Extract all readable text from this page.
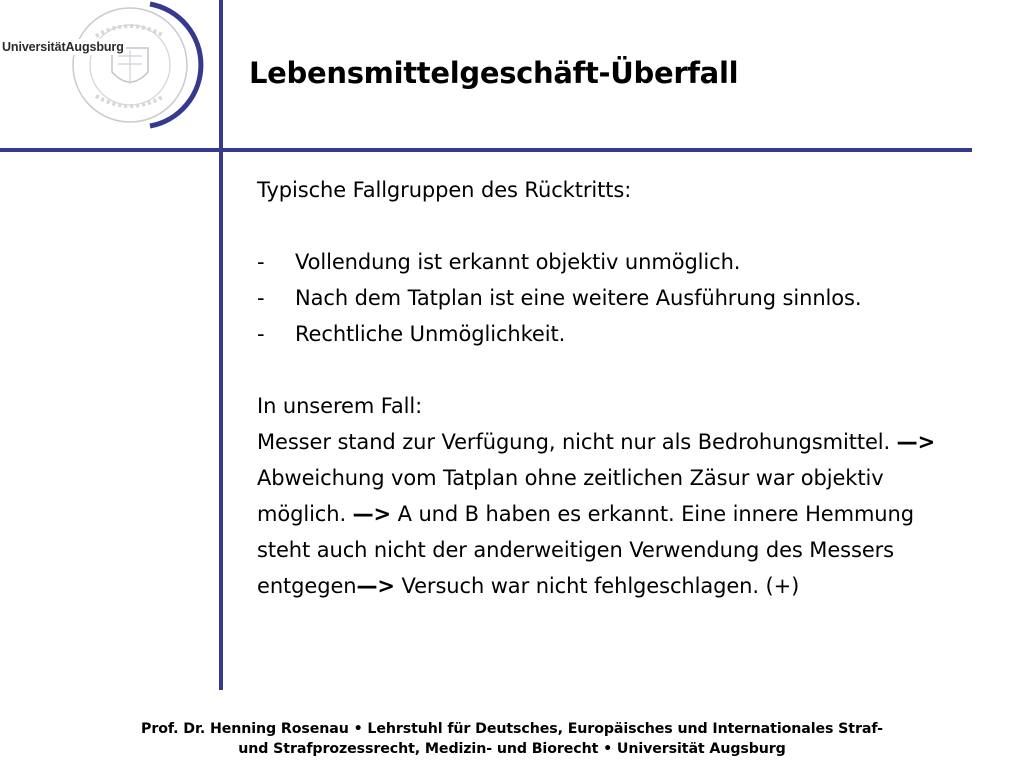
UniversitätAugsburg
Lebensmittelgeschäft-Überfall

Typische Fallgruppen des Rücktritts:

-	Vollendung ist erkannt objektiv unmöglich.
-	Nach dem Tatplan ist eine weitere Ausführung sinnlos.
-	Rechtliche Unmöglichkeit.

In unserem Fall:

Messer stand zur Verfügung, nicht nur als Bedrohungsmittel. —> Abweichung vom Tatplan ohne zeitlichen Zäsur war objektiv möglich. —> A und B haben es erkannt. Eine innere Hemmung steht auch nicht der anderweitigen Verwendung des Messers entgegen—> Versuch war nicht fehlgeschlagen. (+)

Prof. Dr. Henning Rosenau • Lehrstuhl für Deutsches, Europäisches und Internationales Straf-
und Strafprozessrecht, Medizin- und Biorecht • Universität Augsburg
